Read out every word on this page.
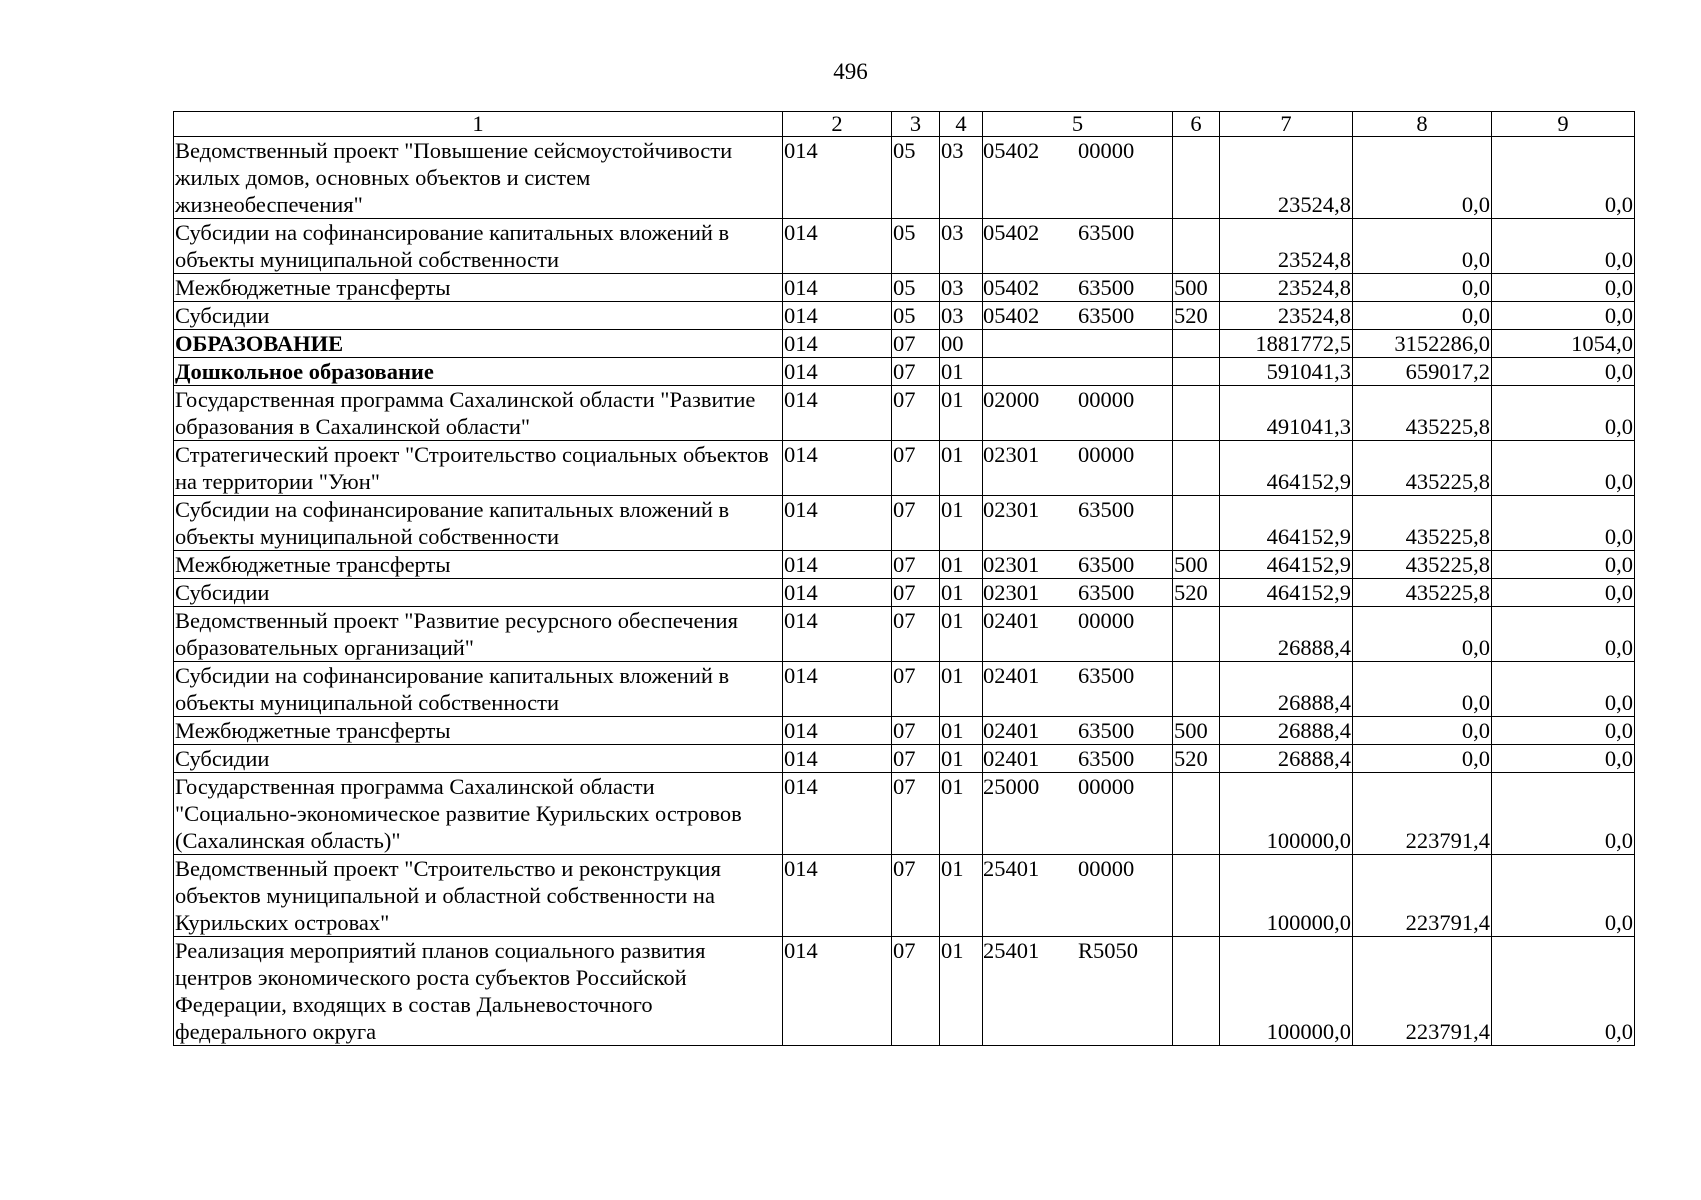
496
1	2	3	4	5	6	7	8	9
Ведомственный проект "Повышение сейсмоустойчивости жилых домов, основных объектов и систем жизнеобеспечения"	014	05	03	05402 00000		23524,8	0,0	0,0
Субсидии на софинансирование капитальных вложений в объекты муниципальной собственности	014	05	03	05402 63500		23524,8	0,0	0,0
Межбюджетные трансферты	014	05	03	05402 63500	500	23524,8	0,0	0,0
Субсидии	014	05	03	05402 63500	520	23524,8	0,0	0,0
ОБРАЗОВАНИЕ	014	07	00			1881772,5	3152286,0	1054,0
Дошкольное образование	014	07	01			591041,3	659017,2	0,0
Государственная программа Сахалинской области "Развитие образования в Сахалинской области"	014	07	01	02000 00000		491041,3	435225,8	0,0
Стратегический проект "Строительство социальных объектов на территории "Уюн"	014	07	01	02301 00000		464152,9	435225,8	0,0
Субсидии на софинансирование капитальных вложений в объекты муниципальной собственности	014	07	01	02301 63500		464152,9	435225,8	0,0
Межбюджетные трансферты	014	07	01	02301 63500	500	464152,9	435225,8	0,0
Субсидии	014	07	01	02301 63500	520	464152,9	435225,8	0,0
Ведомственный проект "Развитие ресурсного обеспечения образовательных организаций"	014	07	01	02401 00000		26888,4	0,0	0,0
Субсидии на софинансирование капитальных вложений в объекты муниципальной собственности	014	07	01	02401 63500		26888,4	0,0	0,0
Межбюджетные трансферты	014	07	01	02401 63500	500	26888,4	0,0	0,0
Субсидии	014	07	01	02401 63500	520	26888,4	0,0	0,0
Государственная программа Сахалинской области "Социально-экономическое развитие Курильских островов (Сахалинская область)"	014	07	01	25000 00000		100000,0	223791,4	0,0
Ведомственный проект "Строительство и реконструкция объектов муниципальной и областной собственности на Курильских островах"	014	07	01	25401 00000		100000,0	223791,4	0,0
Реализация мероприятий планов социального развития центров экономического роста субъектов Российской Федерации, входящих в состав Дальневосточного федерального округа	014	07	01	25401 R5050		100000,0	223791,4	0,0
